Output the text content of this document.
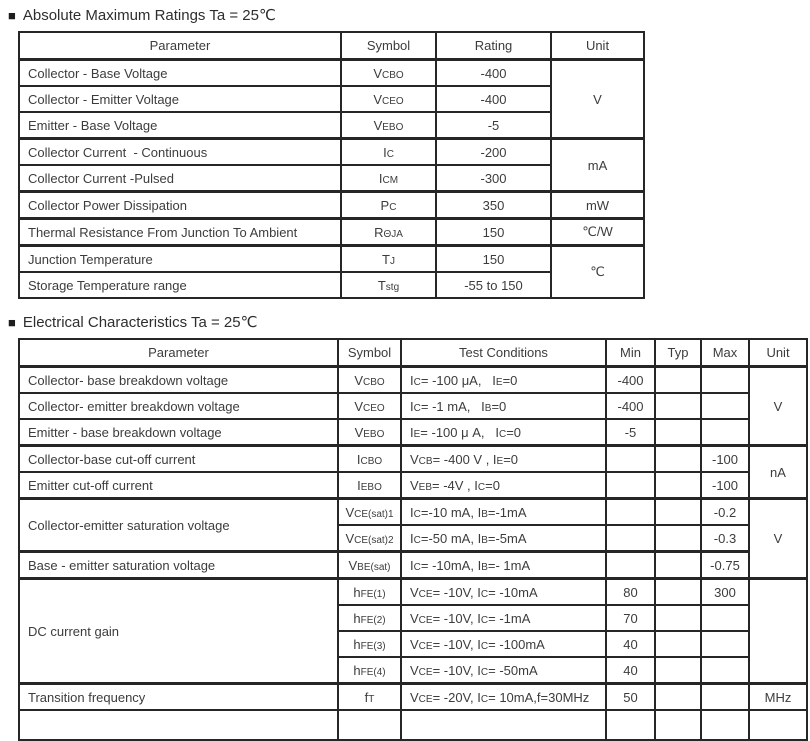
■ Absolute Maximum Ratings Ta = 25℃
Parameter	Symbol	Rating	Unit
Collector - Base Voltage	VCBO	-400	V
Collector - Emitter Voltage	VCEO	-400	
Emitter - Base Voltage	VEBO	-5	
Collector Current  - Continuous	IC	-200	mA
Collector Current -Pulsed	ICM	-300	
Collector Power Dissipation	PC	350	mW
Thermal Resistance From Junction To Ambient	RΘJA	150	℃/W
Junction Temperature	TJ	150	℃
Storage Temperature range	Tstg	-55 to 150	
■ Electrical Characteristics Ta = 25℃
Parameter	Symbol	Test Conditions	Min	Typ	Max	Unit
Collector- base breakdown voltage	VCBO	IC= -100 μA,   IE=0	-400			V
Collector- emitter breakdown voltage	VCEO	IC= -1 mA,   IB=0	-400			
Emitter - base breakdown voltage	VEBO	IE= -100 μ A,   IC=0	-5			
Collector-base cut-off current	ICBO	VCB= -400 V , IE=0			-100	nA
Emitter cut-off current	IEBO	VEB= -4V , IC=0			-100	
Collector-emitter saturation voltage	VCE(sat)1	IC=-10 mA, IB=-1mA			-0.2	V
	VCE(sat)2	IC=-50 mA, IB=-5mA			-0.3	
Base - emitter saturation voltage	VBE(sat)	IC= -10mA, IB=- 1mA			-0.75	
DC current gain	hFE(1)	VCE= -10V, IC= -10mA	80		300	
	hFE(2)	VCE= -10V, IC= -1mA	70			
	hFE(3)	VCE= -10V, IC= -100mA	40			
	hFE(4)	VCE= -10V, IC= -50mA	40			
Transition frequency	fT	VCE= -20V, IC= 10mA,f=30MHz	50			MHz
